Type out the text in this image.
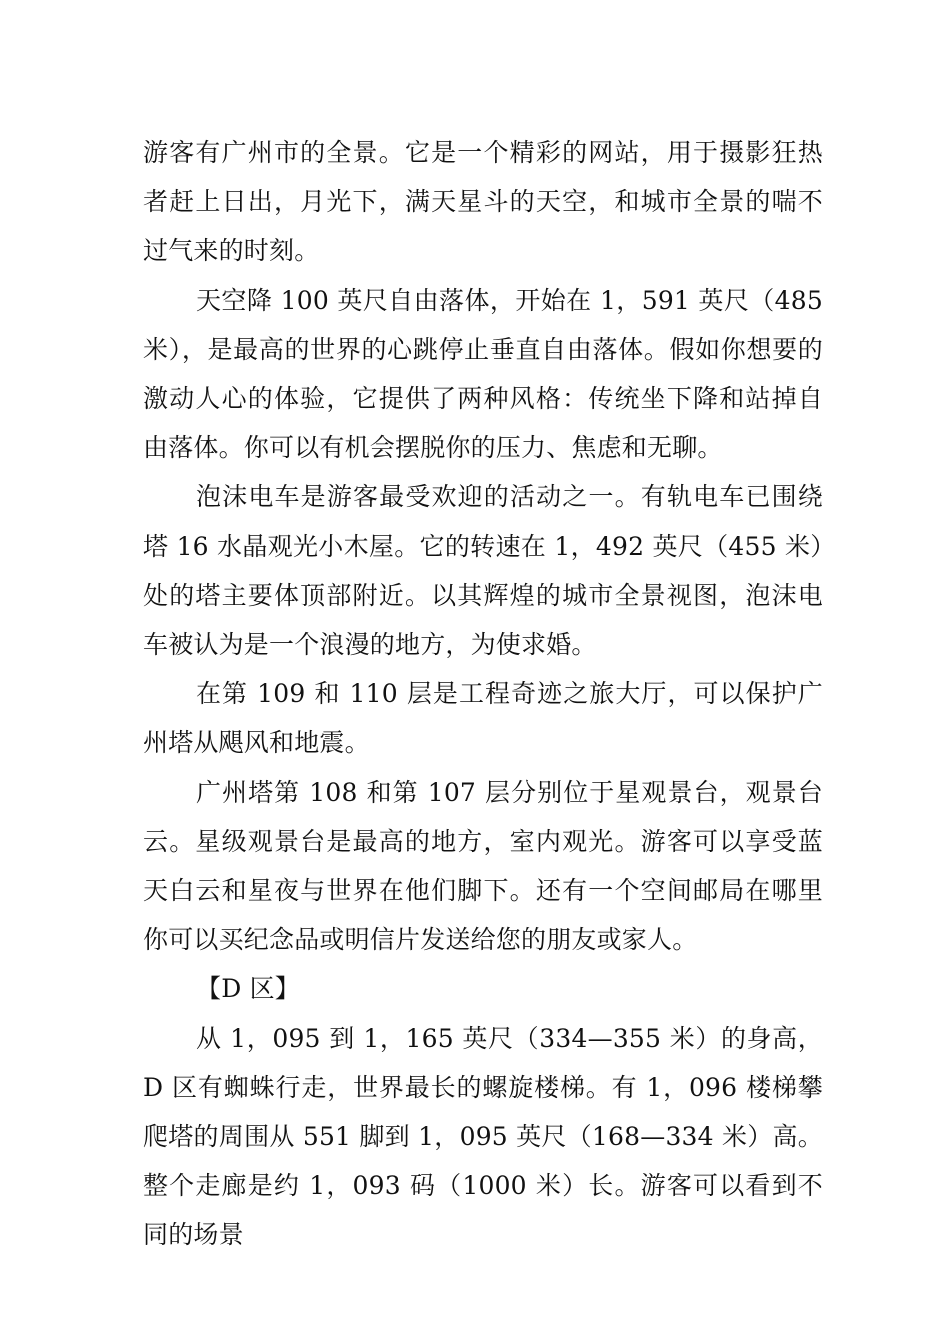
游客有广州市的全景。它是一个精彩的网站，用于摄影狂热者赶上日出，月光下，满天星斗的天空，和城市全景的喘不过气来的时刻。

天空降 100 英尺自由落体，开始在 1，591 英尺（485 米），是最高的世界的心跳停止垂直自由落体。假如你想要的激动人心的体验，它提供了两种风格：传统坐下降和站掉自由落体。你可以有机会摆脱你的压力、焦虑和无聊。

泡沫电车是游客最受欢迎的活动之一。有轨电车已围绕塔 16 水晶观光小木屋。它的转速在 1，492 英尺（455 米）处的塔主要体顶部附近。以其辉煌的城市全景视图，泡沫电车被认为是一个浪漫的地方，为使求婚。

在第 109 和 110 层是工程奇迹之旅大厅，可以保护广州塔从飓风和地震。

广州塔第 108 和第 107 层分别位于星观景台，观景台云。星级观景台是最高的地方，室内观光。游客可以享受蓝天白云和星夜与世界在他们脚下。还有一个空间邮局在哪里你可以买纪念品或明信片发送给您的朋友或家人。

【D 区】

从 1，095 到 1，165 英尺（334—355 米）的身高，D 区有蜘蛛行走，世界最长的螺旋楼梯。有 1，096 楼梯攀爬塔的周围从 551 脚到 1，095 英尺（168—334 米）高。整个走廊是约 1，093 码（1000 米）长。游客可以看到不同的场景
